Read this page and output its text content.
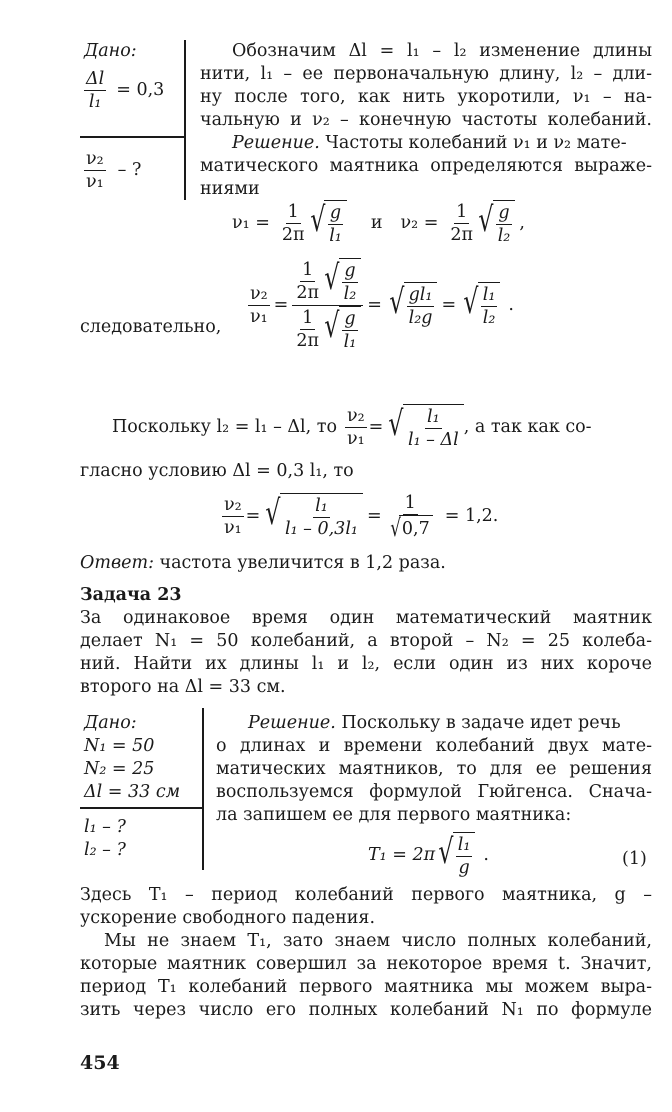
Дано:
$\frac{\Delta l}{\text{l₁}} = 0,3$
$\frac{\text{ν₂}}{\text{ν₁}}$ – ?
Обозначим Δl = l₁ – l₂ изменение длины
нити, l₁ – ее первоначальную длину, l₂ – дли-
ну после того, как нить укоротили, ν₁ – на-
чальную и ν₂ – конечную частоты колебаний.
Решение. Частоты колебаний ν₁ и ν₂ мате-
матического маятника определяются выраже-
ниями
$\nu_1 = \frac{1}{2\pi}$ √ $\frac{g}{\text{l₁}}$ и $\nu_2 = \frac{1}{2\pi}$ √ $\frac{g}{\text{l₂}}$ ,
следовательно, $\frac{\text{ν₂}}{\text{ν₁}}$ =
$\frac{1}{2\pi}$ √ $\frac{g}{\text{l₂}}$
$\frac{1}{2\pi}$ √ $\frac{g}{\text{l₁}}$
= √ $\frac{\text{gl₁}}{\text{l₂g}}$ = √ $\frac{\text{l₁}}{\text{l₂}}$ .
Поскольку l₂ = l₁ – Δl, то $\frac{\text{ν₂}}{\text{ν₁}}$ = √ $\frac{\text{l₁}}{\text{l₁ – Δl}}$ , а так как со-
гласно условию Δl = 0,3 l₁, то
$\frac{\text{ν₂}}{\text{ν₁}}$ = √ $\frac{\text{l₁}}{\text{l₁ – 0,3l₁}} = \frac{1}{√ 0,7} = 1,2$.
Ответ: частота увеличится в 1,2 раза.
Задача 23
За одинаковое время один математический маятник
делает N₁ = 50 колебаний, а второй – N₂ = 25 колеба-
ний. Найти их длины l₁ и l₂, если один из них короче
второго на Δl = 33 см.
Дано:
N₁ = 50
N₂ = 25
Δl = 33 см
l₁ – ?
l₂ – ?
Решение. Поскольку в задаче идет речь
о длинах и времени колебаний двух мате-
матических маятников, то для ее решения
воспользуемся формулой Гюйгенса. Снача-
ла запишем ее для первого маятника:
T₁ = 2π √ $\frac{\text{l₁}}{g}$ .	(1)
Здесь T₁ – период колебаний первого маятника, g –
ускорение свободного падения.
Мы не знаем T₁, зато знаем число полных колебаний,
которые маятник совершил за некоторое время t. Значит,
период T₁ колебаний первого маятника мы можем выра-
зить через число его полных колебаний N₁ по формуле
454
